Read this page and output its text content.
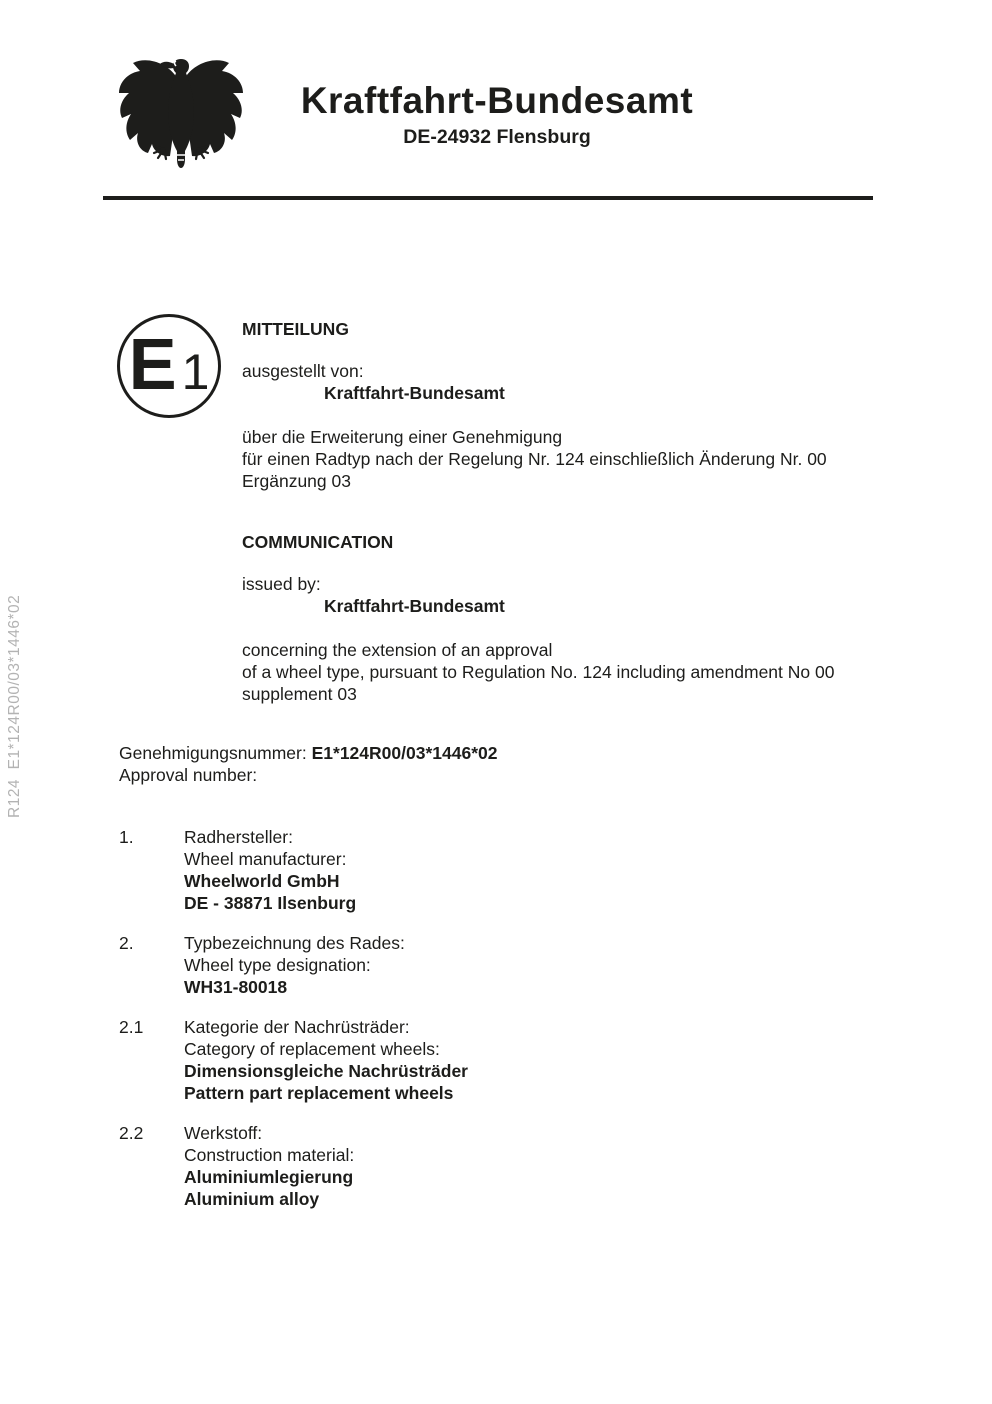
Kraftfahrt-Bundesamt
DE-24932 Flensburg
R124  E1*124R00/03*1446*02
E 1
MITTEILUNG
ausgestellt von:
Kraftfahrt-Bundesamt
über die Erweiterung einer Genehmigung
für einen Radtyp nach der Regelung Nr. 124 einschließlich Änderung Nr. 00
Ergänzung 03
COMMUNICATION
issued by:
Kraftfahrt-Bundesamt
concerning the extension of an approval
of a wheel type, pursuant to Regulation No. 124 including amendment No 00
supplement 03
Genehmigungsnummer: E1*124R00/03*1446*02
Approval number:
1.	Radhersteller:
Wheel manufacturer:
Wheelworld GmbH
DE - 38871 Ilsenburg
2.	Typbezeichnung des Rades:
Wheel type designation:
WH31-80018
2.1	Kategorie der Nachrüsträder:
Category of replacement wheels:
Dimensionsgleiche Nachrüsträder
Pattern part replacement wheels
2.2	Werkstoff:
Construction material:
Aluminiumlegierung
Aluminium alloy
